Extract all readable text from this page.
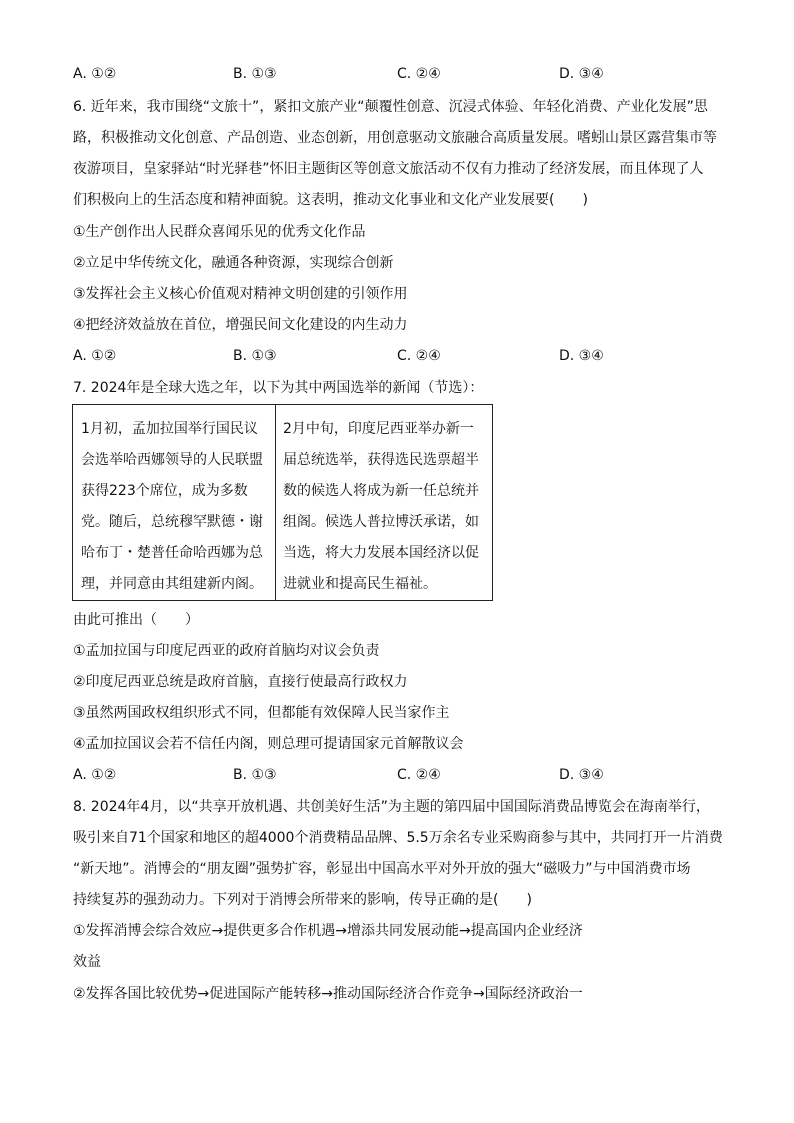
A. ①②	B. ①③	C. ②④	D. ③④
6. 近年来，我市围绕“文旅十”，紧扣文旅产业“颠覆性创意、沉浸式体验、年轻化消费、产业化发展”思
路，积极推动文化创意、产品创造、业态创新，用创意驱动文旅融合高质量发展。嗜蚓山景区露营集市等
夜游项目，皇家驿站“时光驿巷”怀旧主题街区等创意文旅活动不仅有力推动了经济发展，而且体现了人
们积极向上的生活态度和精神面貌。这表明，推动文化事业和文化产业发展要(　　)
①生产创作出人民群众喜闻乐见的优秀文化作品
②立足中华传统文化，融通各种资源，实现综合创新
③发挥社会主义核心价值观对精神文明创建的引领作用
④把经济效益放在首位，增强民间文化建设的内生动力
A. ①②	B. ①③	C. ②④	D. ③④
7. 2024年是全球大选之年，以下为其中两国选举的新闻（节选）：
1月初，孟加拉国举行国民议
会选举哈西娜领导的人民联盟
获得223个席位，成为多数
党。随后，总统穆罕默德・谢
哈布丁・楚普任命哈西娜为总
理，并同意由其组建新内阁。
2月中旬，印度尼西亚举办新一
届总统选举，获得选民选票超半
数的候选人将成为新一任总统并
组阁。候选人普拉博沃承诺，如
当选，将大力发展本国经济以促
进就业和提高民生福祉。
由此可推出（　　）
①孟加拉国与印度尼西亚的政府首脑均对议会负责
②印度尼西亚总统是政府首脑，直接行使最高行政权力
③虽然两国政权组织形式不同，但都能有效保障人民当家作主
④孟加拉国议会若不信任内阁，则总理可提请国家元首解散议会
A. ①②	B. ①③	C. ②④	D. ③④
8. 2024年4月，以“共享开放机遇、共创美好生活”为主题的第四届中国国际消费品博览会在海南举行，
吸引来自71个国家和地区的超4000个消费精品品牌、5.5万余名专业采购商参与其中，共同打开一片消费
“新天地”。消博会的“朋友圈”强势扩容，彰显出中国高水平对外开放的强大“磁吸力”与中国消费市场
持续复苏的强劲动力。下列对于消博会所带来的影响，传导正确的是(　　)
①发挥消博会综合效应→提供更多合作机遇→增添共同发展动能→提高国内企业经济
效益
②发挥各国比较优势→促进国际产能转移→推动国际经济合作竞争→国际经济政治一
